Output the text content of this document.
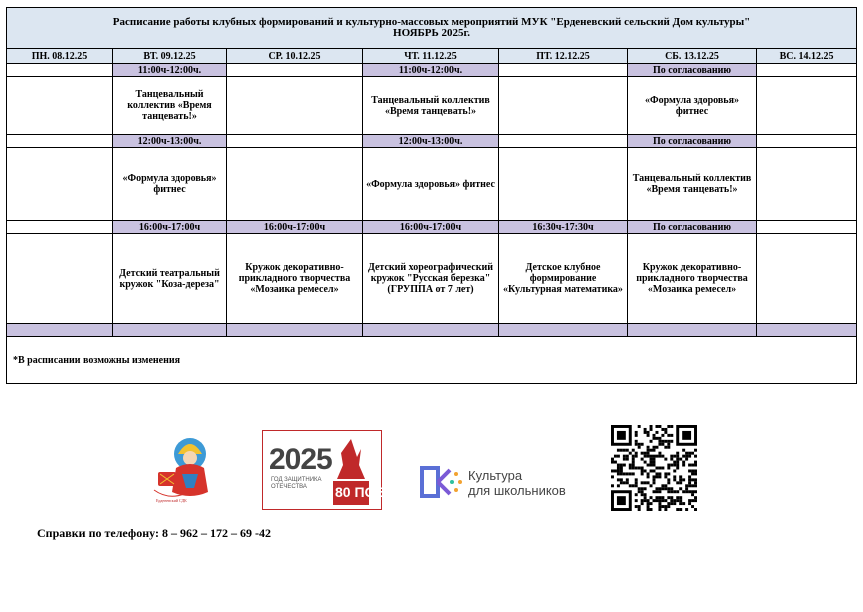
Расписание работы клубных формирований и культурно-массовых мероприятий МУК "Ерденевский сельский Дом культуры"
НОЯБРЬ 2025г.						

ПН. 08.12.25	ВТ. 09.12.25	СР. 10.12.25	ЧТ. 11.12.25	ПТ. 12.12.25	СБ. 13.12.25	ВС. 14.12.25
	11:00ч-12:00ч.		11:00ч-12:00ч.		По согласованию	
	Танцевальный коллектив «Время танцевать!»		Танцевальный коллектив «Время танцевать!»		«Формула здоровья» фитнес	
	12:00ч-13:00ч.		12:00ч-13:00ч.		По согласованию	
	«Формула здоровья» фитнес		«Формула здоровья» фитнес		Танцевальный коллектив «Время танцевать!»	
	16:00ч-17:00ч	16:00ч-17:00ч	16:00ч-17:00ч	16:30ч-17:30ч	По согласованию	
	Детский театральный кружок "Коза-дереза"	Кружок декоративно-прикладного творчества «Мозаика ремесел»	Детский хореографический кружок "Русская березка" (ГРУППА от 7 лет)	Детское клубное формирование «Культурная математика»	Кружок декоративно-прикладного творчества «Мозаика ремесел»	

*В расписании возможны изменения						
Ерденевский СДК
2025
ГОД ЗАЩИТНИКА ОТЕЧЕСТВА	80 ПОБЕДА!
Культура
для школьников
Справки по телефону: 8 – 962 – 172 – 69 -42
